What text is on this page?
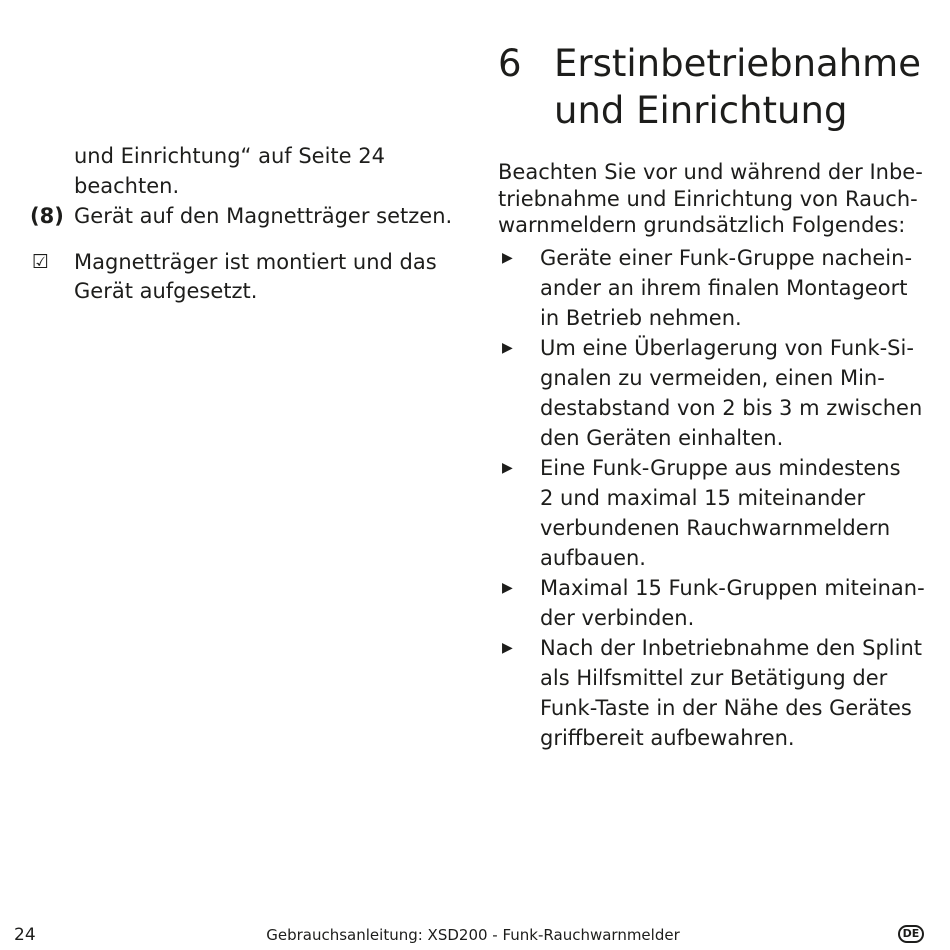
und Einrichtung“ auf Seite 24
beachten.

(8) Gerät auf den Magnetträger setzen.
☑	Magnetträger ist montiert und das
Gerät aufgesetzt.
6 Erstinbetriebnahme
und Einrichtung

Beachten Sie vor und während der Inbe-
triebnahme und Einrichtung von Rauch-
warnmeldern grundsätzlich Folgendes:

▶	Geräte einer Funk-Gruppe nachein-
ander an ihrem finalen Montageort
in Betrieb nehmen.
▶	Um eine Überlagerung von Funk-Si-
gnalen zu vermeiden, einen Min-
destabstand von 2 bis 3 m zwischen
den Geräten einhalten.
▶	Eine Funk-Gruppe aus mindestens
2 und maximal 15 miteinander
verbundenen Rauchwarnmeldern
aufbauen.
▶	Maximal 15 Funk-Gruppen miteinan-
der verbinden.
▶	Nach der Inbetriebnahme den Splint
als Hilfsmittel zur Betätigung der
Funk-Taste in der Nähe des Gerätes
griffbereit aufbewahren.
24	Gebrauchsanleitung: XSD200 - Funk-Rauchwarnmelder	DE
